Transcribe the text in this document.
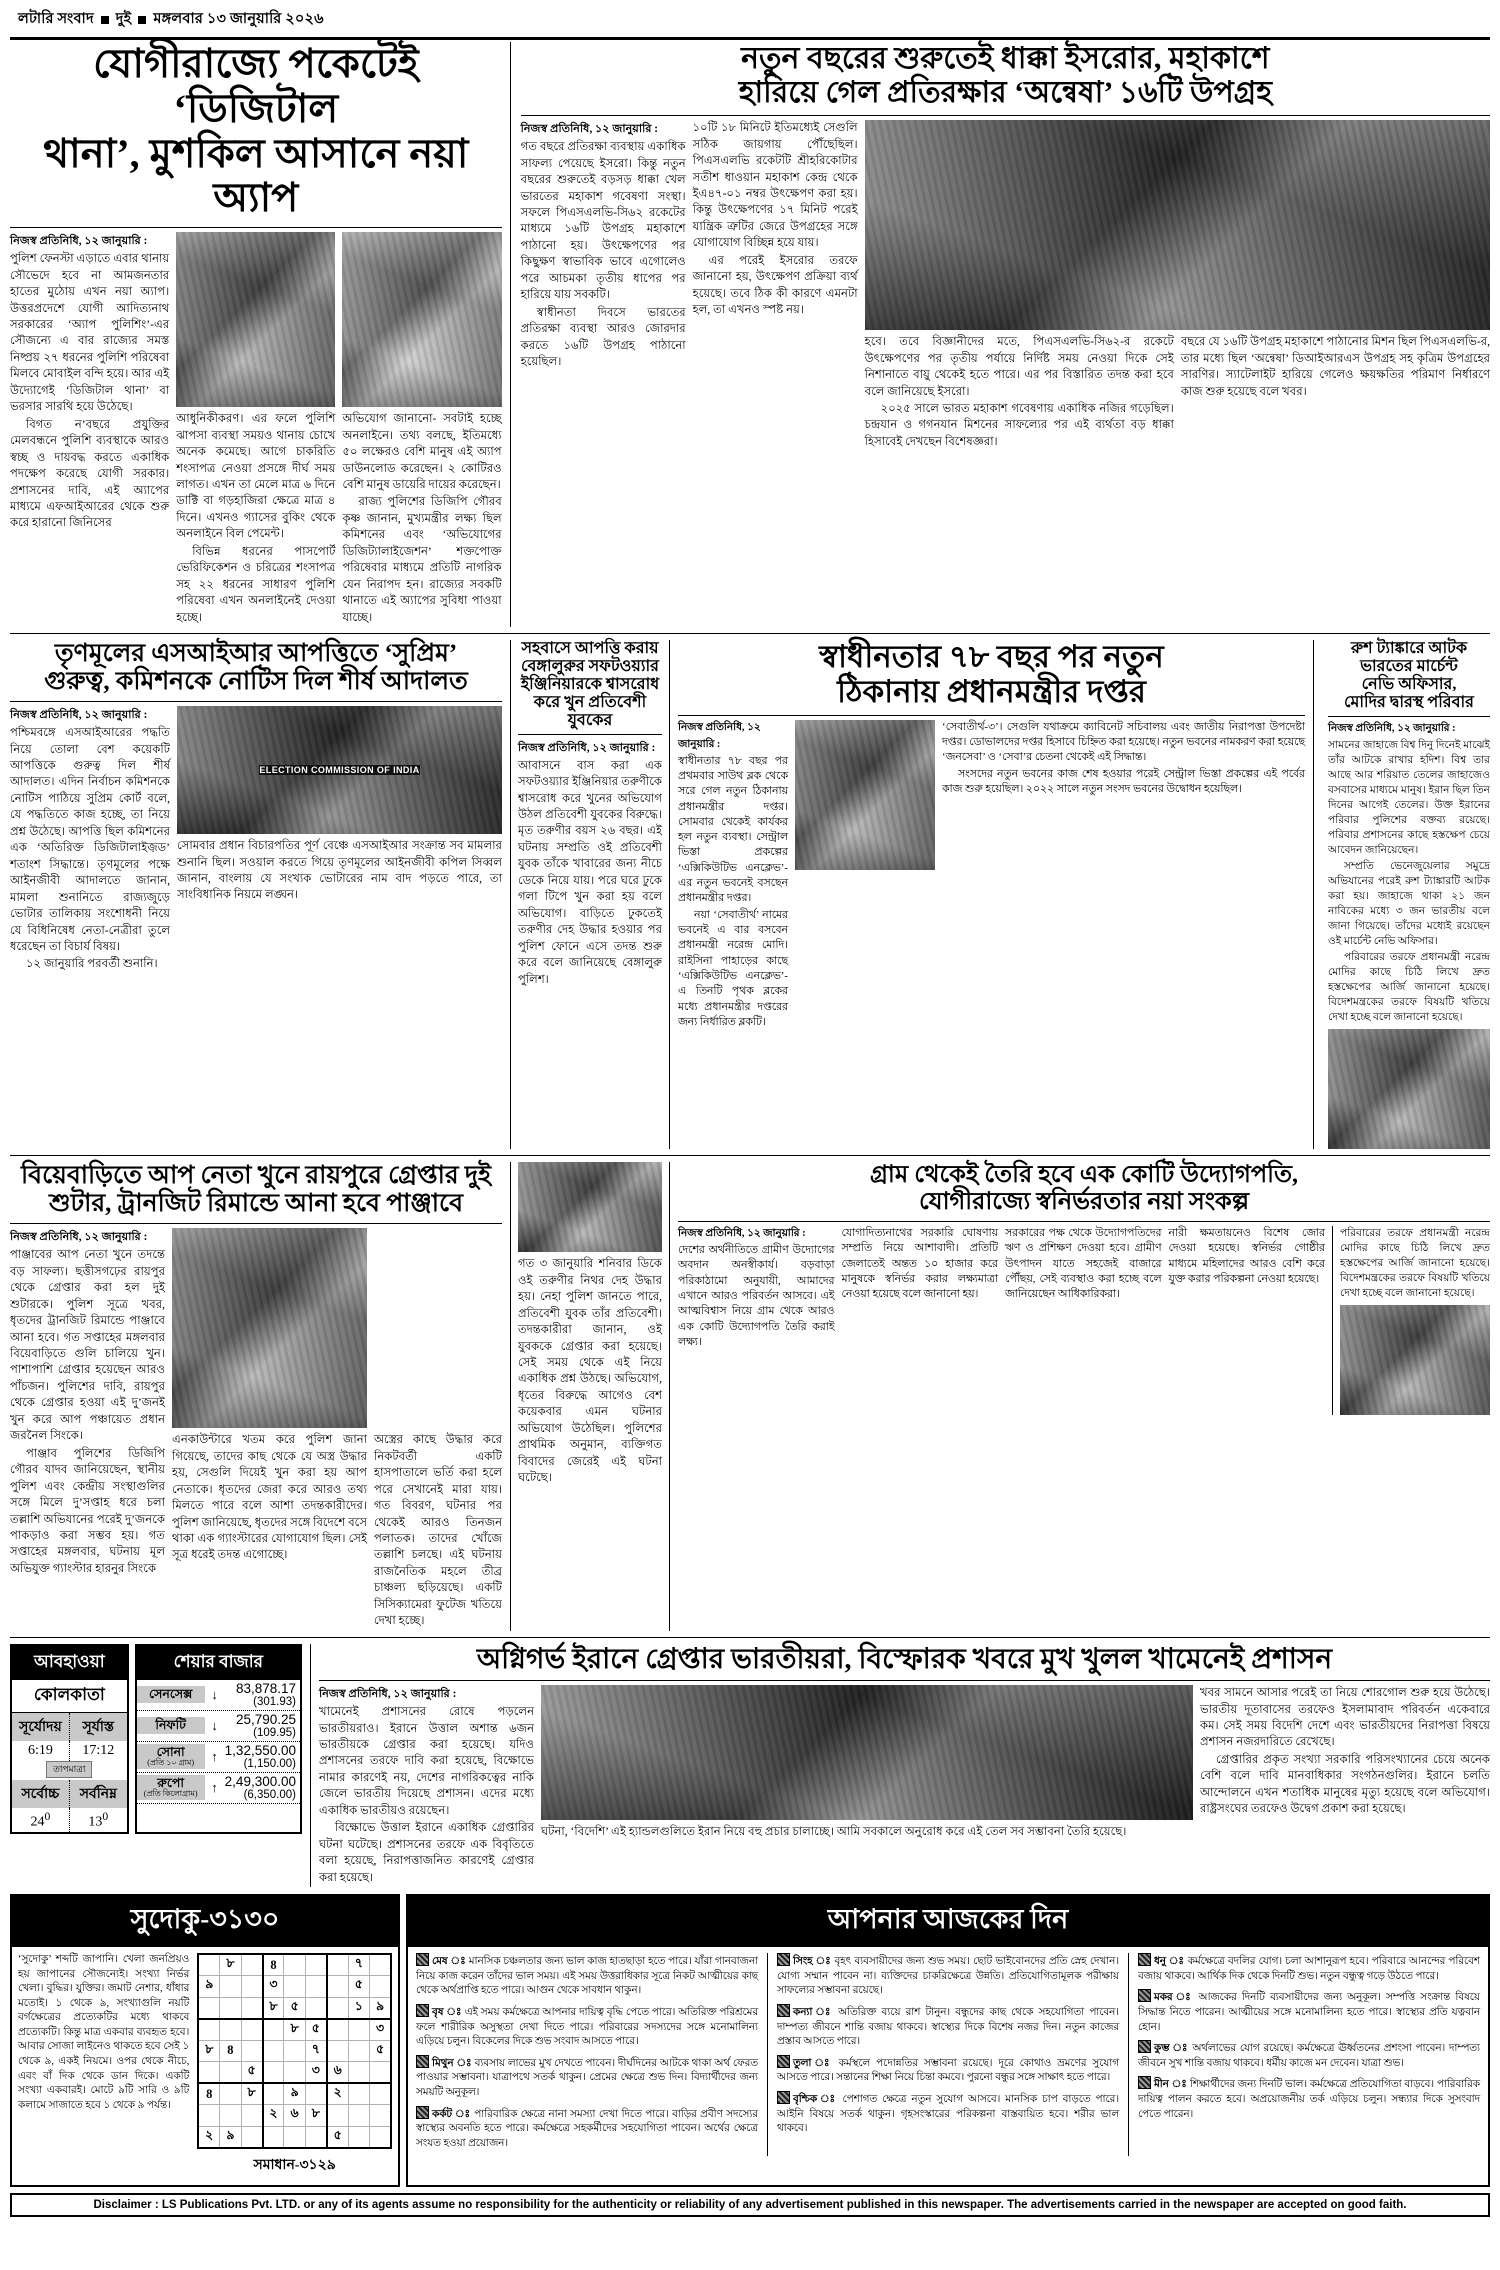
লটারি সংবাদ দুই মঙ্গলবার ১৩ জানুয়ারি ২০২৬
যোগীরাজ্যে পকেটেই ‘ডিজিটাল
থানা’, মুশকিল আসানে নয়া অ্যাপ
নিজস্ব প্রতিনিধি, ১২ জানুয়ারি :

পুলিশ ফেনস্টা এড়াতে এবার থানায় সৌভেদে হবে না আমজনতার হাতের মুঠোয় এখন নয়া অ্যাপ। উত্তরপ্রদেশে যোগী আদিত্যনাথ সরকারের ‘অ্যাপ পুলিশিং’-এর সৌজন্যে এ বার রাজ্যের সমস্ত নিষ্প্রয় ২৭ ধরনের পুলিশি পরিষেবা মিলবে মোবাইল বন্দি হয়ে। আর এই উদ্যোগেই ‘ডিজিটাল থানা’ বা ভরসার সারথি হয়ে উঠেছে।

বিগত ন’বছরে প্রযুক্তির মেলবন্ধনে পুলিশি ব্যবস্থাকে আরও স্বচ্ছ ও দায়বদ্ধ করতে একাধিক পদক্ষেপ করেছে যোগী সরকার। প্রশাসনের দাবি, এই অ্যাপের মাধ্যমে এফআইআরের থেকে শুরু করে হারানো জিনিসের

আধুনিকীকরণ। এর ফলে পুলিশি ঝাপসা ব্যবস্থা সময়ও থানায় চোখে অনেক কমেছে। আগে চাকরিতি শংসাপত্র নেওয়া প্রসঙ্গে দীর্ঘ সময় লাগত। এখন তা মেলে মাত্র ৬ দিনে ডাক্টি বা গড়হাজিরা ক্ষেত্রে মাত্র ৪ দিনে। এখনও গ্যাসের বুকিং থেকে অনলাইনে বিল পেমেন্ট।

বিভিন্ন ধরনের পাসপোর্ট ভেরিফিকেশন ও চরিত্রের শংসাপত্র সহ ২২ ধরনের সাধারণ পুলিশি পরিষেবা এখন অনলাইনেই দেওয়া হচ্ছে।

অভিযোগ জানানো- সবটাই হচ্ছে অনলাইনে। তথ্য বলছে, ইতিমধ্যে ৫০ লক্ষেরও বেশি মানুষ এই অ্যাপ ডাউনলোড করেছেন। ২ কোটিরও বেশি মানুষ ডায়েরি দায়ের করেছেন।

রাজ্য পুলিশের ডিজিপি গৌরব কৃষ্ণ জানান, মুখ্যমন্ত্রীর লক্ষ্য ছিল কমিশনের এবং ‘অভিযোগের ডিজিট্যালাইজেশন’ শক্তপোক্ত পরিষেবার মাধ্যমে প্রতিটি নাগরিক যেন নিরাপদ হন। রাজ্যের সবকটি থানাতে এই অ্যাপের সুবিধা পাওয়া যাচ্ছে।

নতুন বছরের শুরুতেই ধাক্কা ইসরোর, মহাকাশে
হারিয়ে গেল প্রতিরক্ষার ‘অন্বেষা’ ১৬টি উপগ্রহ
নিজস্ব প্রতিনিধি, ১২ জানুয়ারি :

গত বছরে প্রতিরক্ষা ব্যবস্থায় একাধিক সাফল্য পেয়েছে ইসরো। কিন্তু নতুন বছরের শুরুতেই বড়সড় ধাক্কা খেল ভারতের মহাকাশ গবেষণা সংস্থা। সফলে পিএসএলভি-সি৬২ রকেটের মাধ্যমে ১৬টি উপগ্রহ মহাকাশে পাঠানো হয়। উৎক্ষেপণের পর কিছুক্ষণ স্বাভাবিক ভাবে এগোলেও পরে আচমকা তৃতীয় ধাপের পর হারিয়ে যায় সবকটি।

স্বাধীনতা দিবসে ভারতের প্রতিরক্ষা ব্যবস্থা আরও জোরদার করতে ১৬টি উপগ্রহ পাঠানো হয়েছিল।

১০টি ১৮ মিনিটে ইতিমধ্যেই সেগুলি সঠিক জায়গায় পৌঁছেছিল। পিএসএলভি রকেটটি শ্রীহরিকোটার সতীশ ধাওয়ান মহাকাশ কেন্দ্র থেকে ইএ৪৭-০১ নম্বর উৎক্ষেপণ করা হয়। কিন্তু উৎক্ষেপণের ১৭ মিনিট পরেই যান্ত্রিক ত্রুটির জেরে উপগ্রহের সঙ্গে যোগাযোগ বিচ্ছিন্ন হয়ে যায়।

এর পরেই ইসরোর তরফে জানানো হয়, উৎক্ষেপণ প্রক্রিয়া ব্যর্থ হয়েছে। তবে ঠিক কী কারণে এমনটা হল, তা এখনও স্পষ্ট নয়।

হবে। তবে বিজ্ঞানীদের মতে, পিএসএলভি-সি৬২-র রকেটে উৎক্ষেপণের পর তৃতীয় পর্যায়ে নির্দিষ্ট সময় নেওয়া দিকে সেই নিশানাতে বায়ু থেকেই হতে পারে। এর পর বিস্তারিত তদন্ত করা হবে বলে জানিয়েছে ইসরো।

২০২৫ সালে ভারত মহাকাশ গবেষণায় একাধিক নজির গড়েছিল। চন্দ্রযান ও গগনযান মিশনের সাফল্যের পর এই ব্যর্থতা বড় ধাক্কা হিসাবেই দেখছেন বিশেষজ্ঞরা।

বছরে যে ১৬টি উপগ্রহ মহাকাশে পাঠানোর মিশন ছিল পিএসএলভি-র, তার মধ্যে ছিল ‘অন্বেষা’ ডিআইআরএস উপগ্রহ সহ কৃত্রিম উপগ্রহের সারণির। স্যাটেলাইট হারিয়ে গেলেও ক্ষয়ক্ষতির পরিমাণ নির্ধারণে কাজ শুরু হয়েছে বলে খবর।

তৃণমূলের এসআইআর আপত্তিতে ‘সুপ্রিম’
গুরুত্ব, কমিশনকে নোটিস দিল শীর্ষ আদালত
নিজস্ব প্রতিনিধি, ১২ জানুয়ারি :

পশ্চিমবঙ্গে এসআইআরের পদ্ধতি নিয়ে তোলা বেশ কয়েকটি আপত্তিকে গুরুত্ব দিল শীর্ষ আদালত। এদিন নির্বাচন কমিশনকে নোটিস পাঠিয়ে সুপ্রিম কোর্ট বলে, যে পদ্ধতিতে কাজ হচ্ছে, তা নিয়ে প্রশ্ন উঠেছে। আপত্তি ছিল কমিশনের এক ‘অতিরিক্ত ডিজিটালাইজ়ড’ শতাংশ সিদ্ধান্তে। তৃণমূলের পক্ষে আইনজীবী আদালতে জানান, মামলা শুনানিতে রাজ্যজুড়ে ভোটার তালিকায় সংশোধনী নিয়ে যে বিধিনিষেধ নেতা-নেত্রীরা তুলে ধরেছেন তা বিচার্য বিষয়।

১২ জানুয়ারি পরবর্তী শুনানি।

ELECTION COMMISSION OF INDIA

সোমবার প্রধান বিচারপতির পূর্ণ বেঞ্চে এসআইআর সংক্রান্ত সব মামলার শুনানি ছিল। সওয়াল করতে গিয়ে তৃণমূলের আইনজীবী কপিল সিব্বল জানান, বাংলায় যে সংখ্যক ভোটারের নাম বাদ পড়তে পারে, তা সাংবিধানিক নিয়মে লঙ্ঘন।

সহবাসে আপত্তি করায় বেঙ্গালুরুর সফটওয়্যার ইঞ্জিনিয়ারকে শ্বাসরোধ করে খুন প্রতিবেশী যুবকের
নিজস্ব প্রতিনিধি, ১২ জানুয়ারি :

আবাসনে বাস করা এক সফটওয়্যার ইঞ্জিনিয়ার তরুণীকে শ্বাসরোধ করে খুনের অভিযোগ উঠল প্রতিবেশী যুবকের বিরুদ্ধে। মৃত তরুণীর বয়স ২৬ বছর। এই ঘটনায় সম্প্রতি ওই প্রতিবেশী যুবক তাঁকে খাবারের জন্য নীচে ডেকে নিয়ে যায়। পরে ঘরে ঢুকে গলা টিপে খুন করা হয় বলে অভিযোগ। বাড়িতে ঢুকতেই তরুণীর দেহ উদ্ধার হওয়ার পর পুলিশ ফোনে এসে তদন্ত শুরু করে বলে জানিয়েছে বেঙ্গালুরু পুলিশ।

স্বাধীনতার ৭৮ বছর পর নতুন
ঠিকানায় প্রধানমন্ত্রীর দপ্তর
নিজস্ব প্রতিনিধি, ১২ জানুয়ারি :

স্বাধীনতার ৭৮ বছর পর প্রথমবার সাউথ ব্লক থেকে সরে গেল নতুন ঠিকানায় প্রধানমন্ত্রীর দপ্তর। সোমবার থেকেই কার্যকর হল নতুন ব্যবস্থা। সেন্ট্রাল ভিস্তা প্রকল্পের ‘এক্সিকিউটিভ এনক্লেভ’-এর নতুন ভবনেই বসছেন প্রধানমন্ত্রীর দপ্তর।

নয়া ‘সেবাতীর্থ’ নামের ভবনেই এ বার বসবেন প্রধানমন্ত্রী নরেন্দ্র মোদি। রাইসিনা পাহাড়ের কাছে ‘এক্সিকিউটিভ এনক্লেভ’-এ তিনটি পৃথক ব্লকের মধ্যে প্রধানমন্ত্রীর দপ্তরের জন্য নির্ধারিত ব্লকটি।

‘সেবাতীর্থ-৩’। সেগুলি যথাক্রমে ক্যাবিনেট সচিবালয় এবং জাতীয় নিরাপত্তা উপদেষ্টা দপ্তর। ডোভালদের দপ্তর হিসাবে চিহ্নিত করা হয়েছে। নতুন ভবনের নামকরণ করা হয়েছে ‘জনসেবা’ ও ‘সেবা’র চেতনা থেকেই এই সিদ্ধান্ত।

সংসদের নতুন ভবনের কাজ শেষ হওয়ার পরেই সেন্ট্রাল ভিস্তা প্রকল্পের এই পর্বের কাজ শুরু হয়েছিল। ২০২২ সালে নতুন সংসদ ভবনের উদ্বোধন হয়েছিল।

রুশ ট্যাঙ্কারে আটক
ভারতের মার্চেন্ট
নেভি অফিসার,
মোদির দ্বারস্থ পরিবার
নিজস্ব প্রতিনিধি, ১২ জানুয়ারি :

সামনের জাহাজে বিশ্ব দিনু দিনেই মাঝেই তাঁর আটকে রাখার হদিশ। বিশ্ব তার আছে আর শরিয়াত তেলের জাহাজেও বসবাসের মাধ্যমে মানুষ। ইরান ছিল তিন দিনের আগেই তেলের। উক্ত ইরানের পরিবার পুলিশের বক্তব্য রয়েছে। পরিবার প্রশাসনের কাছে হস্তক্ষেপ চেয়ে আবেদন জানিয়েছেন।

সম্প্রতি ভেনেজুয়েলার সমুদ্রে অভিযানের পরেই রুশ ট্যাঙ্কারটি আটক করা হয়। জাহাজে থাকা ২১ জন নাবিকের মধ্যে ৩ জন ভারতীয় বলে জানা গিয়েছে। তাঁদের মধ্যেই রয়েছেন ওই মার্চেন্ট নেভি অফিসার।

পরিবারের তরফে প্রধানমন্ত্রী নরেন্দ্র মোদির কাছে চিঠি লিখে দ্রুত হস্তক্ষেপের আর্জি জানানো হয়েছে। বিদেশমন্ত্রকের তরফে বিষয়টি খতিয়ে দেখা হচ্ছে বলে জানানো হয়েছে।

বিয়েবাড়িতে আপ নেতা খুনে রায়পুরে গ্রেপ্তার দুই
শুটার, ট্রানজিট রিমান্ডে আনা হবে পাঞ্জাবে
নিজস্ব প্রতিনিধি, ১২ জানুয়ারি :

পাঞ্জাবের আপ নেতা খুনে তদন্তে বড় সাফল্য। ছত্তীসগঢ়ের রায়পুর থেকে গ্রেপ্তার করা হল দুই শুটারকে। পুলিশ সূত্রে খবর, ধৃতদের ট্রানজিট রিমান্ডে পাঞ্জাবে আনা হবে। গত সপ্তাহের মঙ্গলবার বিয়েবাড়িতে গুলি চালিয়ে খুন। পাশাপাশি গ্রেপ্তার হয়েছেন আরও পাঁচজন। পুলিশের দাবি, রায়পুর থেকে গ্রেপ্তার হওয়া এই দু’জনই খুন করে আপ পঞ্চায়েত প্রধান জরনৈল সিংকে।

পাঞ্জাব পুলিশের ডিজিপি গৌরব যাদব জানিয়েছেন, স্থানীয় পুলিশ এবং কেন্দ্রীয় সংস্থাগুলির সঙ্গে মিলে দু’সপ্তাহ ধরে চলা তল্লাশি অভিযানের পরেই দু’জনকে পাকড়াও করা সম্ভব হয়। গত সপ্তাহের মঙ্গলবার, ঘটনায় মূল অভিযুক্ত গ্যাংস্টার হারনুর সিংকে

এনকাউন্টারে খতম করে পুলিশ জানা গিয়েছে, তাদের কাছ থেকে যে অস্ত্র উদ্ধার হয়, সেগুলি দিয়েই খুন করা হয় আপ নেতাকে। ধৃতদের জেরা করে আরও তথ্য মিলতে পারে বলে আশা তদন্তকারীদের। পুলিশ জানিয়েছে, ধৃতদের সঙ্গে বিদেশে বসে থাকা এক গ্যাংস্টারের যোগাযোগ ছিল। সেই সূত্র ধরেই তদন্ত এগোচ্ছে।

অস্ত্রের কাছে উদ্ধার করে নিকটবর্তী একটি হাসপাতালে ভর্তি করা হলে পরে সেখানেই মারা যায়। গত বিবরণ, ঘটনার পর থেকেই আরও তিনজন পলাতক। তাদের খোঁজে তল্লাশি চলছে। এই ঘটনায় রাজনৈতিক মহলে তীব্র চাঞ্চল্য ছড়িয়েছে। একটি সিসিক্যামেরা ফুটেজ খতিয়ে দেখা হচ্ছে।

গত ৩ জানুয়ারি শনিবার ডিকে ওই তরুণীর নিথর দেহ উদ্ধার হয়। নেহা পুলিশ জানতে পারে, প্রতিবেশী যুবক তাঁর প্রতিবেশী। তদন্তকারীরা জানান, ওই যুবককে গ্রেপ্তার করা হয়েছে। সেই সময় থেকে এই নিয়ে একাধিক প্রশ্ন উঠছে। অভিযোগ, ধৃতের বিরুদ্ধে আগেও বেশ কয়েকবার এমন ঘটনার অভিযোগ উঠেছিল। পুলিশের প্রাথমিক অনুমান, ব্যক্তিগত বিবাদের জেরেই এই ঘটনা ঘটেছে।

গ্রাম থেকেই তৈরি হবে এক কোটি উদ্যোগপতি,
যোগীরাজ্যে স্বনির্ভরতার নয়া সংকল্প
নিজস্ব প্রতিনিধি, ১২ জানুয়ারি :

দেশের অর্থনীতিতে গ্রামীণ উদ্যোগের অবদান অনস্বীকার্য। বড়বাড়া পরিকাঠামো অনুযায়ী, আমাদের এখানে আরও পরিবর্তন আসবে। এই আত্মবিশ্বাস নিয়ে গ্রাম থেকে আরও এক কোটি উদ্যোগপতি তৈরি করাই লক্ষ্য।

যোগাদিত্যনাথের সরকারি ঘোষণায় সম্প্রতি নিয়ে আশাবাদী। প্রতিটি জেলাতেই অন্তত ১০ হাজার করে মানুষকে স্বনির্ভর করার লক্ষ্যমাত্রা নেওয়া হয়েছে বলে জানানো হয়।

সরকারের পক্ষ থেকে উদ্যোগপতিদের ঋণ ও প্রশিক্ষণ দেওয়া হবে। গ্রামীণ উৎপাদন যাতে সহজেই বাজারে পৌঁছয়, সেই ব্যবস্থাও করা হচ্ছে বলে জানিয়েছেন আধিকারিকরা।

নারী ক্ষমতায়নেও বিশেষ জোর দেওয়া হয়েছে। স্বনির্ভর গোষ্ঠীর মাধ্যমে মহিলাদের আরও বেশি করে যুক্ত করার পরিকল্পনা নেওয়া হয়েছে।

পরিবারের তরফে প্রধানমন্ত্রী নরেন্দ্র মোদির কাছে চিঠি লিখে দ্রুত হস্তক্ষেপের আর্জি জানানো হয়েছে। বিদেশমন্ত্রকের তরফে বিষয়টি খতিয়ে দেখা হচ্ছে বলে জানানো হয়েছে।

আবহাওয়া
কোলকাতা
সূর্যোদয়	সূর্যাস্ত
6:19	17:12
তাপমাত্রা
সর্বোচ্চ	সর্বনিম্ন
$24^0$	$13^0$
শেয়ার বাজার
সেনসেক্স	↓	83,878.17
(301.93)
নিফটি	↓	25,790.25
(109.95)
সোনা
(প্রতি ১০ গ্রাম)	↑ 1,32,550.00
(1,150.00)
রুপো
(প্রতি কিলোগ্রাম)	↑ 2,49,300.00
(6,350.00)
অগ্নিগর্ভ ইরানে গ্রেপ্তার ভারতীয়রা, বিস্ফোরক খবরে মুখ খুলল খামেনেই প্রশাসন
নিজস্ব প্রতিনিধি, ১২ জানুয়ারি :

খামেনেই প্রশাসনের রোষে পড়লেন ভারতীয়রাও। ইরানে উত্তাল অশান্ত ৬জন ভারতীয়কে গ্রেপ্তার করা হয়েছে। যদিও প্রশাসনের তরফে দাবি করা হয়েছে, বিক্ষোভে নামার কারণেই নয়, দেশের নাগরিকত্বের নাকি জেলে ভারতীয় দিয়েছে প্রশাসন। এদের মধ্যে একাধিক ভারতীয়ও রয়েছেন।

বিক্ষোভে উত্তাল ইরানে একাধিক গ্রেপ্তারির ঘটনা ঘটেছে। প্রশাসনের তরফে এক বিবৃতিতে বলা হয়েছে, নিরাপত্তাজনিত কারণেই গ্রেপ্তার করা হয়েছে।

ঘটনা, ‘বিদেশি’ এই হ্যান্ডলগুলিতে ইরান নিয়ে বহু প্রচার চালাচ্ছে। আমি সবকালে অনুরোধ করে এই তেল সব সম্ভাবনা তৈরি হয়েছে।

খবর সামনে আসার পরেই তা নিয়ে শোরগোল শুরু হয়ে উঠেছে। ভারতীয় দূতাবাসের তরফেও ইসলামাবাদ পরিবর্তন একেবারে কম। সেই সময় বিদেশি দেশে এবং ভারতীয়দের নিরাপত্তা বিষয়ে প্রশাসন নজরদারিতে রেখেছে।

গ্রেপ্তারির প্রকৃত সংখ্যা সরকারি পরিসংখ্যানের চেয়ে অনেক বেশি বলে দাবি মানবাধিকার সংগঠনগুলির। ইরানে চলতি আন্দোলনে এখন শতাধিক মানুষের মৃত্যু হয়েছে বলে অভিযোগ। রাষ্ট্রসংঘের তরফেও উদ্বেগ প্রকাশ করা হয়েছে।

সুদোকু-৩১৩০
‘সুদোকু’ শব্দটি জাপানি। খেলা জনপ্রিয়ও হয় জাপানের সৌজন্যেই। সংখ্যা নির্ভর খেলা। বুদ্ধির। যুক্তির। জমাট নেশার, ধাঁধার মতোই। ১ থেকে ৯, সংখ্যাগুলি নয়টি বর্গক্ষেত্রের প্রত্যেকটির মধ্যে থাকবে প্রত্যেকটি। কিন্তু মাত্র একবার ব্যবহৃত হবে। আবার সোজা লাইনেও থাকতে হবে সেই ১ থেকে ৯, একই নিয়মে। ওপর থেকে নীচে, এবং বাঁ দিক থেকে ডান দিকে। একটি সংখ্যা একবারই। মোটে ৯টি সারি ও ৯টি কলামে সাজাতে হবে ১ থেকে ৯ পর্যন্ত।
	৮		8				৭	
৯			৩				৫	
			৮	৫			১	৯
				৮	৫			৩
৮	8				৭			৫
		৫			৩	৬		
8		৮		৯		২		
			২	৬	৮			
২	৯					৫		
সমাধান-৩১২৯
আপনার আজকের দিন
মেষ ঃ মানসিক চঞ্চলতার জন্য ভাল কাজ হাতছাড়া হতে পারে। যাঁরা গানবাজনা নিয়ে কাজ করেন তাঁদের ভাল সময়। এই সময় উত্তরাধিকার সূত্রে নিকট আত্মীয়ের কাছ থেকে অর্থপ্রাপ্তি হতে পারে। আগুন থেকে সাবধান থাকুন।
বৃষ ঃ এই সময় কর্মক্ষেত্রে আপনার দায়িত্ব বৃদ্ধি পেতে পারে। অতিরিক্ত পরিশ্রমের ফলে শারীরিক অসুস্থতা দেখা দিতে পারে। পরিবারের সদস্যদের সঙ্গে মনোমালিন্য এড়িয়ে চলুন। বিকেলের দিকে শুভ সংবাদ আসতে পারে।
মিথুন ঃ ব্যবসায় লাভের মুখ দেখতে পাবেন। দীর্ঘদিনের আটকে থাকা অর্থ ফেরত পাওয়ার সম্ভাবনা। যাত্রাপথে সতর্ক থাকুন। প্রেমের ক্ষেত্রে শুভ দিন। বিদ্যার্থীদের জন্য সময়টি অনুকূল।
কর্কট ঃ পারিবারিক ক্ষেত্রে নানা সমস্যা দেখা দিতে পারে। বাড়ির প্রবীণ সদস্যের স্বাস্থ্যের অবনতি হতে পারে। কর্মক্ষেত্রে সহকর্মীদের সহযোগিতা পাবেন। অর্থের ক্ষেত্রে সংযত হওয়া প্রয়োজন।
সিংহ ঃ বৃহৎ ব্যবসায়ীদের জন্য শুভ সময়। ছোট ভাইবোনদের প্রতি স্নেহ দেখান। যোগ্য সম্মান পাবেন না। ব্যক্তিদের চাকরিক্ষেত্রে উন্নতি। প্রতিযোগিতামূলক পরীক্ষায় সাফল্যের সম্ভাবনা রয়েছে।
কন্যা ঃ অতিরিক্ত ব্যয়ে রাশ টানুন। বন্ধুদের কাছ থেকে সহযোগিতা পাবেন। দাম্পত্য জীবনে শান্তি বজায় থাকবে। স্বাস্থ্যের দিকে বিশেষ নজর দিন। নতুন কাজের প্রস্তাব আসতে পারে।
তুলা ঃ কর্মস্থলে পদোন্নতির সম্ভাবনা রয়েছে। দূরে কোথাও ভ্রমণের সুযোগ আসতে পারে। সন্তানের শিক্ষা নিয়ে চিন্তা কমবে। পুরনো বন্ধুর সঙ্গে সাক্ষাৎ হতে পারে।
বৃশ্চিক ঃ পেশাগত ক্ষেত্রে নতুন সুযোগ আসবে। মানসিক চাপ বাড়তে পারে। আইনি বিষয়ে সতর্ক থাকুন। গৃহসংস্কারের পরিকল্পনা বাস্তবায়িত হবে। শরীর ভাল থাকবে।
ধনু ঃ কর্মক্ষেত্রে বদলির যোগ। চলা আশানুরূপ হবে। পরিবারে আনন্দের পরিবেশ বজায় থাকবে। আর্থিক দিক থেকে দিনটি শুভ। নতুন বন্ধুত্ব গড়ে উঠতে পারে।
মকর ঃ আজকের দিনটি ব্যবসায়ীদের জন্য অনুকূল। সম্পত্তি সংক্রান্ত বিষয়ে সিদ্ধান্ত নিতে পারেন। আত্মীয়ের সঙ্গে মনোমালিন্য হতে পারে। স্বাস্থ্যের প্রতি যত্নবান হোন।
কুম্ভ ঃ অর্থলাভের যোগ রয়েছে। কর্মক্ষেত্রে ঊর্ধ্বতনের প্রশংসা পাবেন। দাম্পত্য জীবনে সুখ শান্তি বজায় থাকবে। ধর্মীয় কাজে মন দেবেন। যাত্রা শুভ।
মীন ঃ শিক্ষার্থীদের জন্য দিনটি ভাল। কর্মক্ষেত্রে প্রতিযোগিতা বাড়বে। পারিবারিক দায়িত্ব পালন করতে হবে। অপ্রয়োজনীয় তর্ক এড়িয়ে চলুন। সন্ধ্যার দিকে সুসংবাদ পেতে পারেন।
Disclaimer : LS Publications Pvt. LTD. or any of its agents assume no responsibility for the authenticity or reliability of any advertisement published in this newspaper. The advertisements carried in the newspaper are accepted on good faith.
